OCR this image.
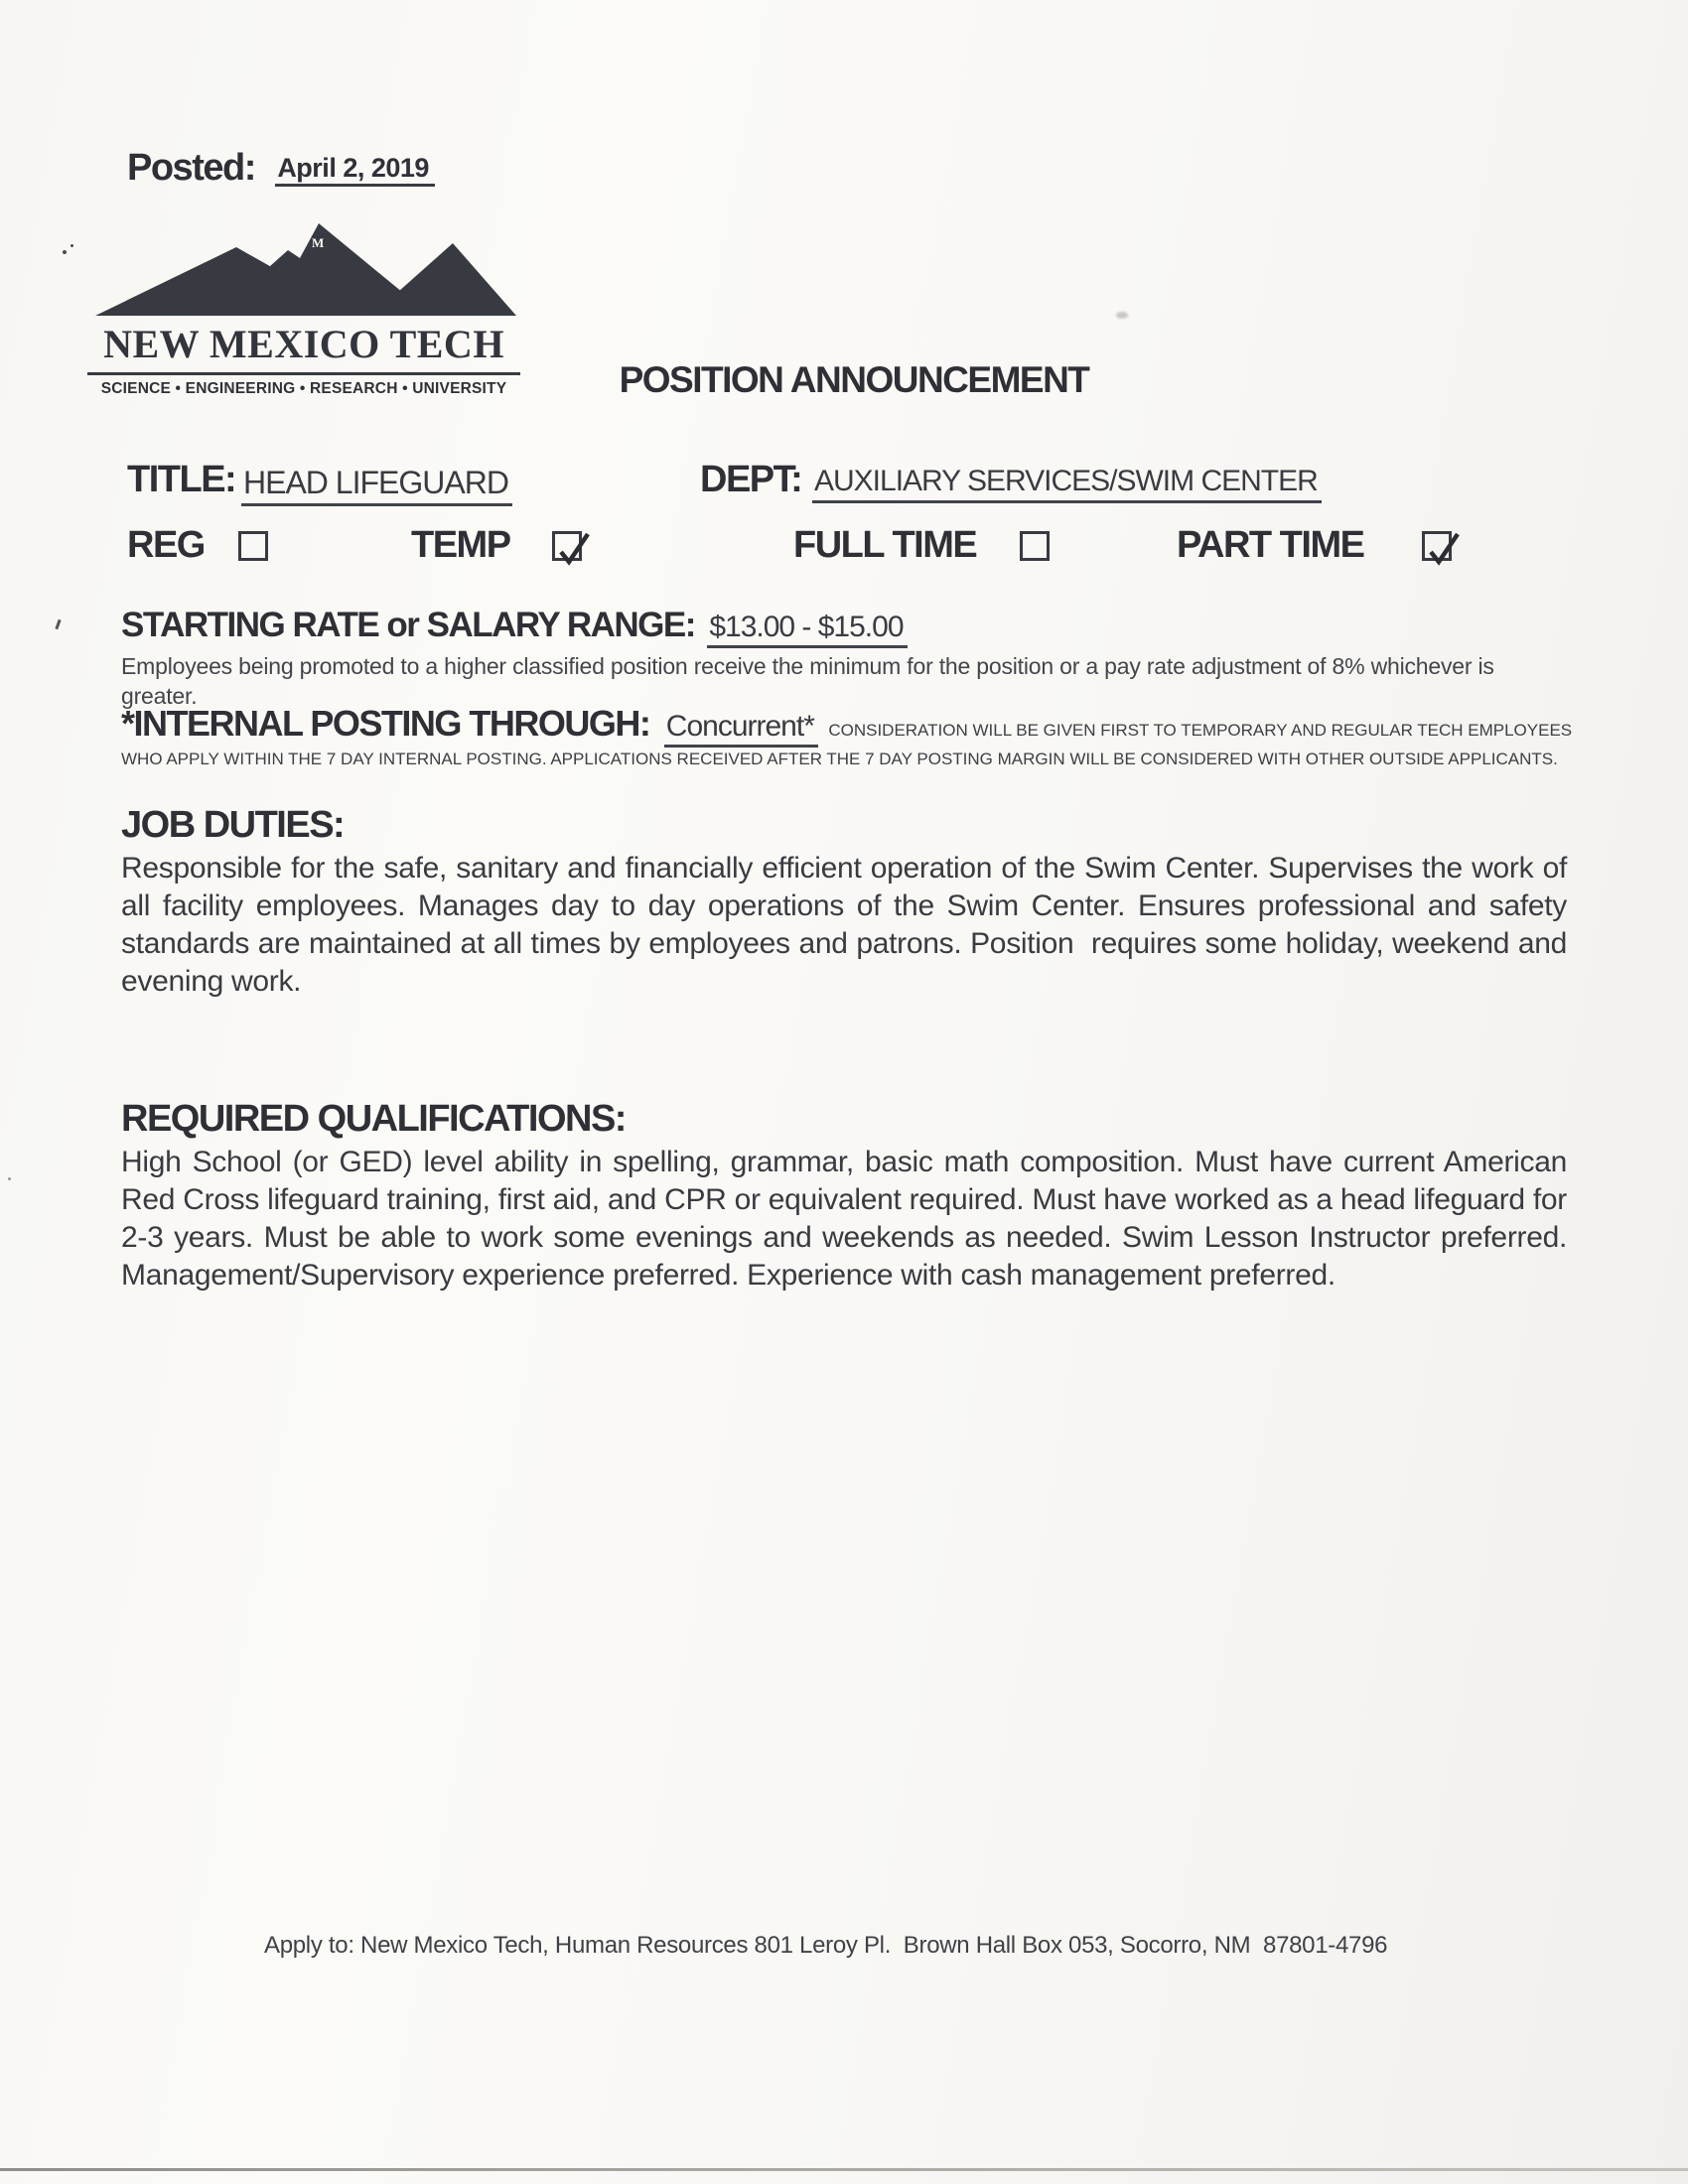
Posted: April 2, 2019
M
NEW MEXICO TECH
SCIENCE • ENGINEERING • RESEARCH • UNIVERSITY	POSITION ANNOUNCEMENT
TITLE: HEAD LIFEGUARD	DEPT: AUXILIARY SERVICES/SWIM CENTER
REG	TEMP	FULL TIME	PART TIME
STARTING RATE or SALARY RANGE: $13.00 - $15.00
Employees being promoted to a higher classified position receive the minimum for the position or a pay rate adjustment of 8% whichever is greater.
*INTERNAL POSTING THROUGH: Concurrent* CONSIDERATION WILL BE GIVEN FIRST TO TEMPORARY AND REGULAR TECH EMPLOYEES WHO APPLY WITHIN THE 7 DAY INTERNAL POSTING. APPLICATIONS RECEIVED AFTER THE 7 DAY POSTING MARGIN WILL BE CONSIDERED WITH OTHER OUTSIDE APPLICANTS.
JOB DUTIES:
Responsible for the safe, sanitary and financially efficient operation of the Swim Center. Supervises the work of all facility employees. Manages day to day operations of the Swim Center. Ensures professional and safety standards are maintained at all times by employees and patrons. Position  requires some holiday, weekend and evening work.
REQUIRED QUALIFICATIONS:
High School (or GED) level ability in spelling, grammar, basic math composition. Must have current American Red Cross lifeguard training, first aid, and CPR or equivalent required. Must have worked as a head lifeguard for 2-3 years. Must be able to work some evenings and weekends as needed. Swim Lesson Instructor preferred. Management/Supervisory experience preferred. Experience with cash management preferred.
Apply to: New Mexico Tech, Human Resources 801 Leroy Pl.  Brown Hall Box 053, Socorro, NM  87801-4796
